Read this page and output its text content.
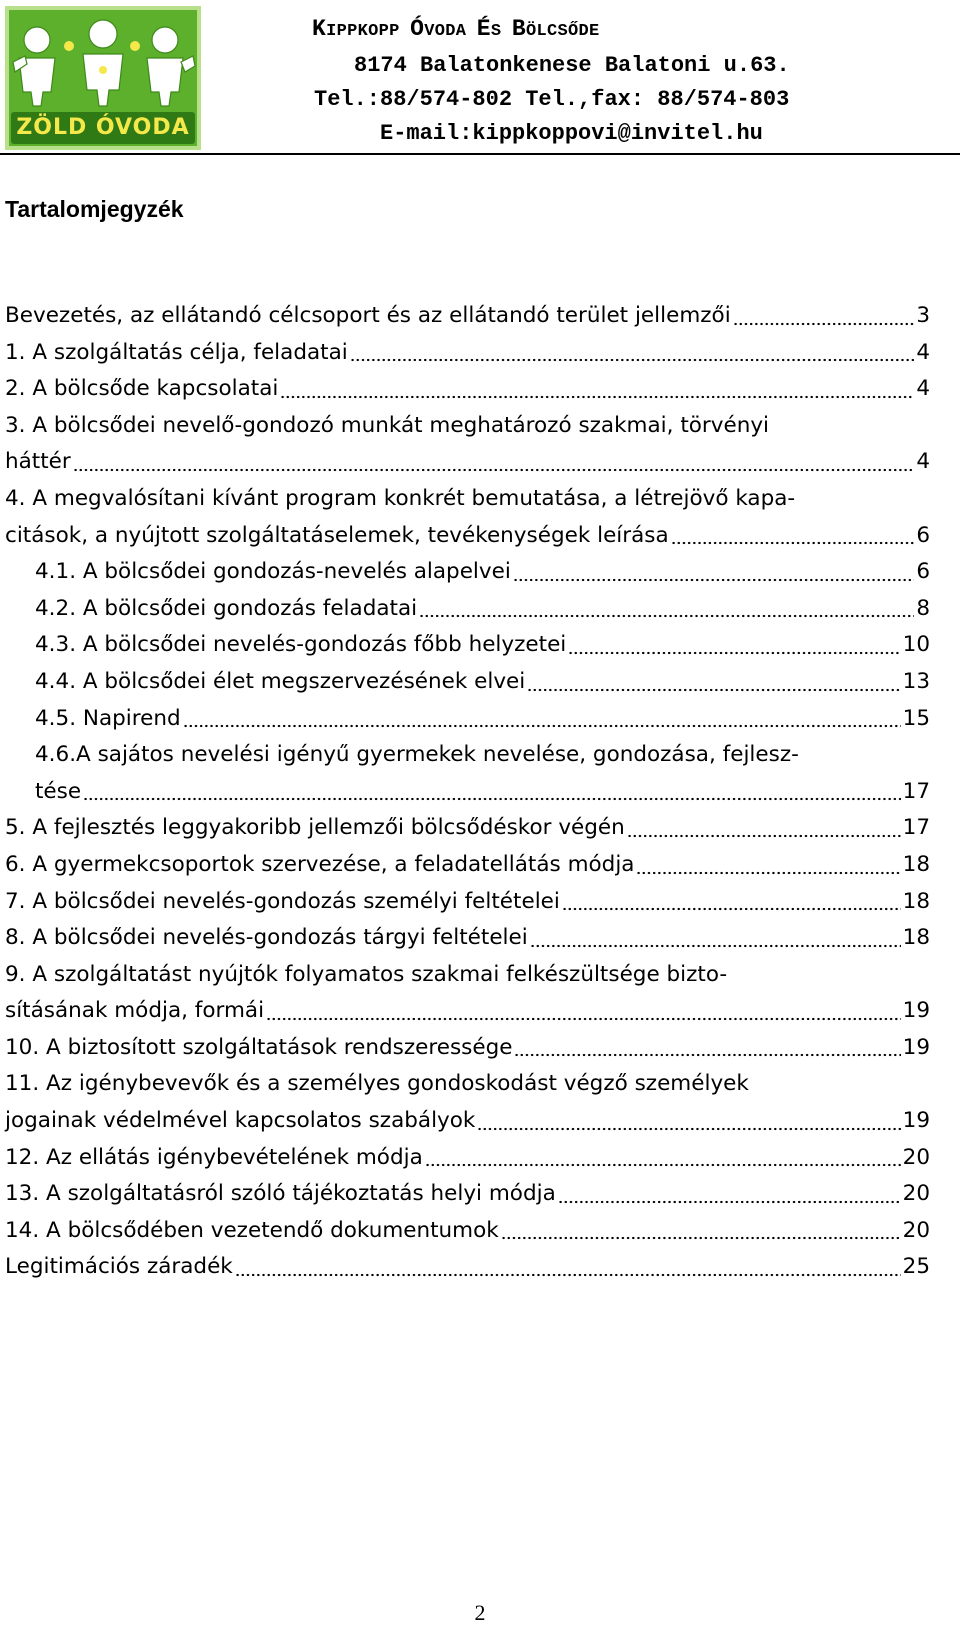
ZÖLD ÓVODA
KIPPKOPP ÓVODA ÉS BÖLCSŐDE
8174 Balatonkenese Balatoni u.63.
Tel.:88/574-802 Tel.,fax: 88/574-803
E-mail:kippkoppovi@invitel.hu
Tartalomjegyzék
Bevezetés, az ellátandó célcsoport és az ellátandó terület jellemzői	3
1. A szolgáltatás célja, feladatai	4
2. A bölcsőde kapcsolatai	4
3. A bölcsődei nevelő-gondozó munkát meghatározó szakmai, törvényi
háttér	4
4. A megvalósítani kívánt program konkrét bemutatása, a létrejövő kapa-
citások, a nyújtott szolgáltatáselemek, tevékenységek leírása	6
4.1. A bölcsődei gondozás-nevelés alapelvei	6
4.2. A bölcsődei gondozás feladatai	8
4.3. A bölcsődei nevelés-gondozás főbb helyzetei	10
4.4. A bölcsődei élet megszervezésének elvei	13
4.5. Napirend	15
4.6.A sajátos nevelési igényű gyermekek nevelése, gondozása, fejlesz-
tése	17
5. A fejlesztés leggyakoribb jellemzői bölcsődéskor végén	17
6. A gyermekcsoportok szervezése, a feladatellátás módja	18
7. A bölcsődei nevelés-gondozás személyi feltételei	18
8. A bölcsődei nevelés-gondozás tárgyi feltételei	18
9. A szolgáltatást nyújtók folyamatos szakmai felkészültsége bizto-
sításának módja, formái	19
10. A biztosított szolgáltatások rendszeressége	19
11. Az igénybevevők és a személyes gondoskodást végző személyek
jogainak védelmével kapcsolatos szabályok	19
12. Az ellátás igénybevételének módja	20
13. A szolgáltatásról szóló tájékoztatás helyi módja	20
14. A bölcsődében vezetendő dokumentumok	20
Legitimációs záradék	25
2
